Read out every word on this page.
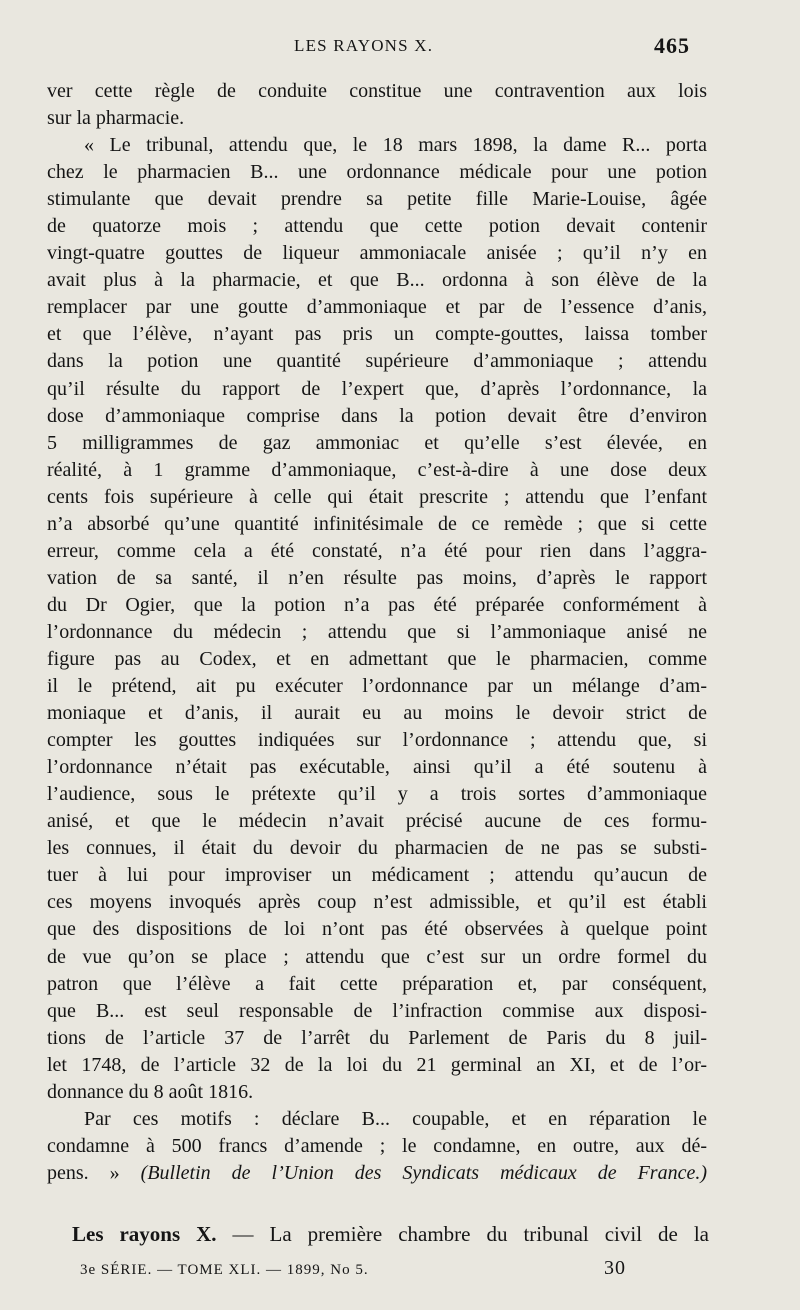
LES RAYONS X.	465
ver cette règle de conduite constitue une contravention aux lois
sur la pharmacie.
« Le tribunal, attendu que, le 18 mars 1898, la dame R... porta
chez le pharmacien B... une ordonnance médicale pour une potion
stimulante que devait prendre sa petite fille Marie-Louise, âgée
de quatorze mois ; attendu que cette potion devait contenir
vingt-quatre gouttes de liqueur ammoniacale anisée ; qu’il n’y en
avait plus à la pharmacie, et que B... ordonna à son élève de la
remplacer par une goutte d’ammoniaque et par de l’essence d’anis,
et que l’élève, n’ayant pas pris un compte-gouttes, laissa tomber
dans la potion une quantité supérieure d’ammoniaque ; attendu
qu’il résulte du rapport de l’expert que, d’après l’ordonnance, la
dose d’ammoniaque comprise dans la potion devait être d’environ
5 milligrammes de gaz ammoniac et qu’elle s’est élevée, en
réalité, à 1 gramme d’ammoniaque, c’est-à-dire à une dose deux
cents fois supérieure à celle qui était prescrite ; attendu que l’enfant
n’a absorbé qu’une quantité infinitésimale de ce remède ; que si cette
erreur, comme cela a été constaté, n’a été pour rien dans l’aggra-
vation de sa santé, il n’en résulte pas moins, d’après le rapport
du Dr Ogier, que la potion n’a pas été préparée conformément à
l’ordonnance du médecin ; attendu que si l’ammoniaque anisé ne
figure pas au Codex, et en admettant que le pharmacien, comme
il le prétend, ait pu exécuter l’ordonnance par un mélange d’am-
moniaque et d’anis, il aurait eu au moins le devoir strict de
compter les gouttes indiquées sur l’ordonnance ; attendu que, si
l’ordonnance n’était pas exécutable, ainsi qu’il a été soutenu à
l’audience, sous le prétexte qu’il y a trois sortes d’ammoniaque
anisé, et que le médecin n’avait précisé aucune de ces formu-
les connues, il était du devoir du pharmacien de ne pas se substi-
tuer à lui pour improviser un médicament ; attendu qu’aucun de
ces moyens invoqués après coup n’est admissible, et qu’il est établi
que des dispositions de loi n’ont pas été observées à quelque point
de vue qu’on se place ; attendu que c’est sur un ordre formel du
patron que l’élève a fait cette préparation et, par conséquent,
que B... est seul responsable de l’infraction commise aux disposi-
tions de l’article 37 de l’arrêt du Parlement de Paris du 8 juil-
let 1748, de l’article 32 de la loi du 21 germinal an XI, et de l’or-
donnance du 8 août 1816.
Par ces motifs : déclare B... coupable, et en réparation le
condamne à 500 francs d’amende ; le condamne, en outre, aux dé-
pens. » (Bulletin de l’Union des Syndicats médicaux de France.)
Les rayons X. — La première chambre du tribunal civil de la
3e SÉRIE. — TOME XLI. — 1899, No 5.	30
